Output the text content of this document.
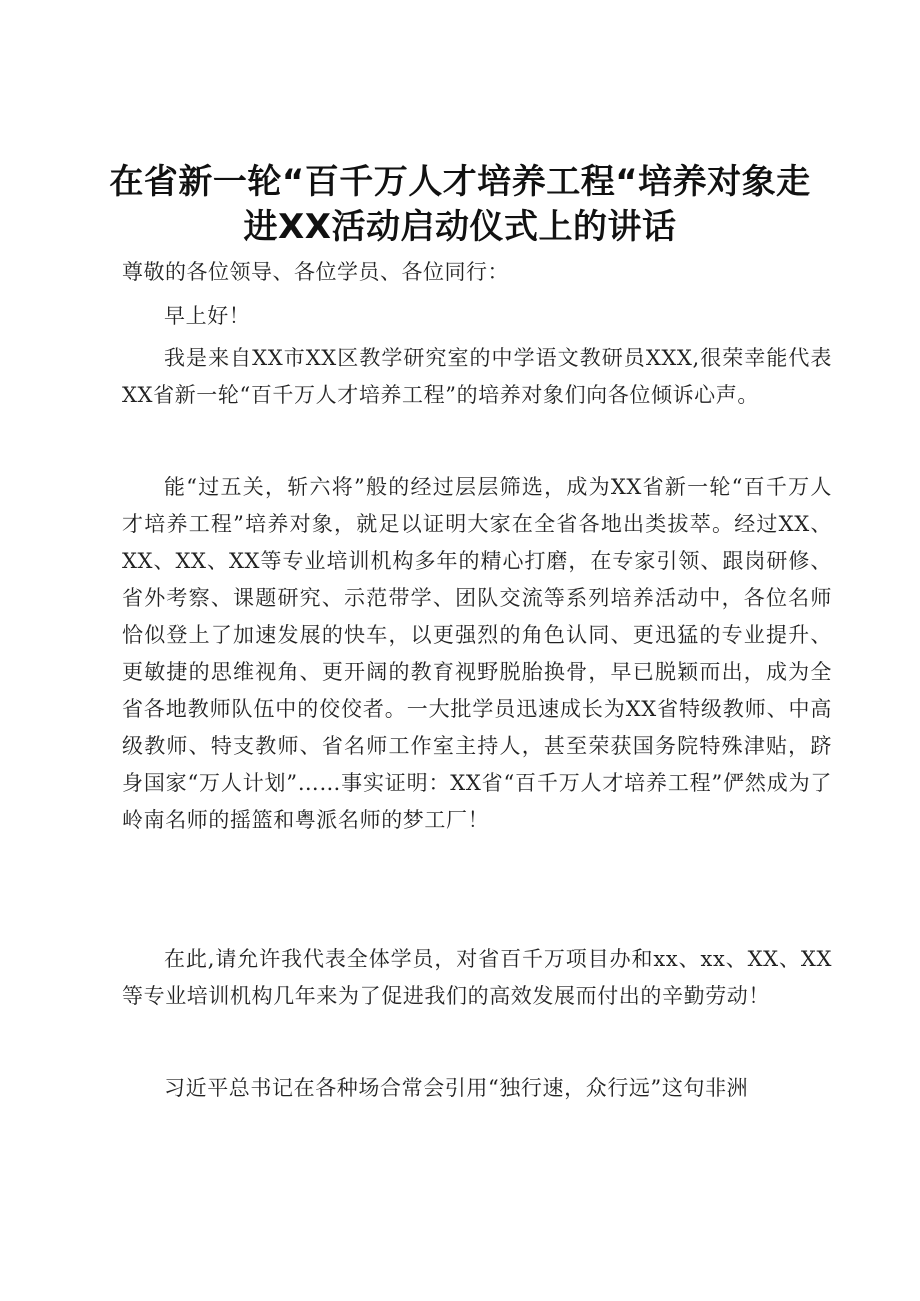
在省新一轮“百千万人才培养工程“培养对象走
进XX活动启动仪式上的讲话

尊敬的各位领导、各位学员、各位同行：

早上好！

我是来自XX市XX区教学研究室的中学语文教研员XXX,很荣幸能代表XX省新一轮“百千万人才培养工程”的培养对象们向各位倾诉心声。

能“过五关，斩六将”般的经过层层筛选，成为XX省新一轮“百千万人才培养工程”培养对象，就足以证明大家在全省各地出类拔萃。经过XX、XX、XX、XX等专业培训机构多年的精心打磨，在专家引领、跟岗研修、省外考察、课题研究、示范带学、团队交流等系列培养活动中，各位名师恰似登上了加速发展的快车，以更强烈的角色认同、更迅猛的专业提升、更敏捷的思维视角、更开阔的教育视野脱胎换骨，早已脱颖而出，成为全省各地教师队伍中的佼佼者。一大批学员迅速成长为XX省特级教师、中高级教师、特支教师、省名师工作室主持人，甚至荣获国务院特殊津贴，跻身国家“万人计划”……事实证明：XX省“百千万人才培养工程”俨然成为了岭南名师的摇篮和粤派名师的梦工厂！

在此,请允许我代表全体学员，对省百千万项目办和xx、xx、XX、XX等专业培训机构几年来为了促进我们的高效发展而付出的辛勤劳动！

习近平总书记在各种场合常会引用“独行速，众行远”这句非洲
